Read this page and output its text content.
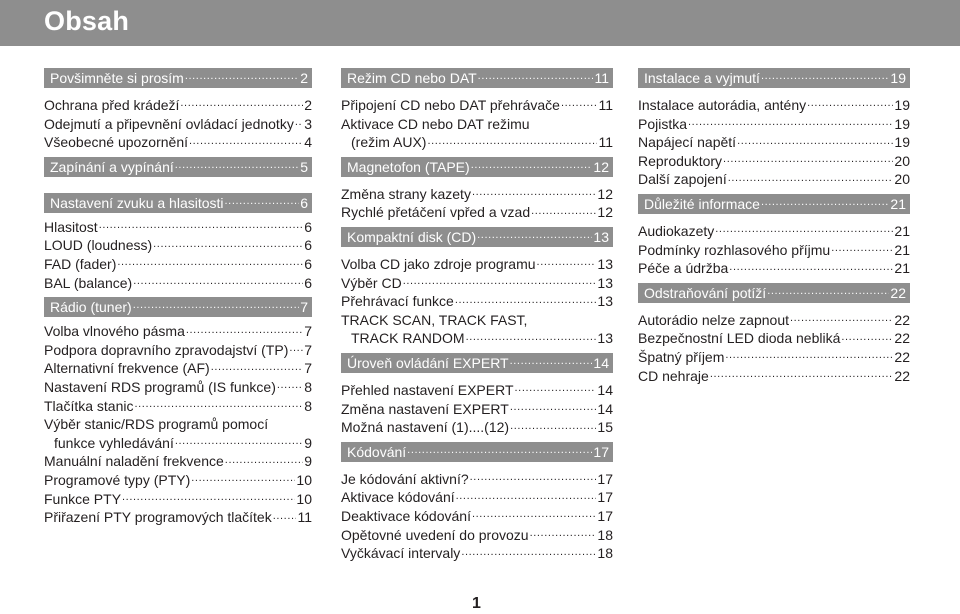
Obsah
Povšimněte si prosím .....	2
Ochrana před krádeží .....	2
Odejmutí a připevnění ovládací jednotky ..... 3
Všeobecné upozornění .....	4
Zapínání a vypínání .....	5
Nastavení zvuku a hlasitosti .....	6
Hlasitost .....	6
LOUD (loudness) .....	6
FAD (fader) .....	6
BAL (balance) .....	6
Rádio (tuner) .....	7
Volba vlnového pásma .....	7
Podpora dopravního zpravodajství (TP) ..... 7
Alternativní frekvence (AF) .....	7
Nastavení RDS programů (IS funkce) ..... 8
Tlačítka stanic .....	8
Výběr stanic/RDS programů pomocí
funkce vyhledávání .....	9
Manuální naladění frekvence .....	9
Programové typy (PTY) .....	10
Funkce PTY .....	10
Přiřazení PTY programových tlačítek ..... 11
Režim CD nebo DAT .....	11
Připojení CD nebo DAT přehrávače .....	11
Aktivace CD nebo DAT režimu
(režim AUX) .....	11
Magnetofon (TAPE) .....	12
Změna strany kazety .....	12
Rychlé přetáčení vpřed a vzad .....	12
Kompaktní disk (CD) .....	13
Volba CD jako zdroje programu .....	13
Výběr CD .....	13
Přehrávací funkce .....	13
TRACK SCAN, TRACK FAST,
TRACK RANDOM .....	13
Úroveň ovládání EXPERT .....	14
Přehled nastavení EXPERT .....	14
Změna nastavení EXPERT .....	14
Možná nastavení (1)....(12) .....	15
Kódování .....	17
Je kódování aktivní? .....	17
Aktivace kódování .....	17
Deaktivace kódování .....	17
Opětovné uvedení do provozu .....	18
Vyčkávací intervaly .....	18
Instalace a vyjmutí .....	19
Instalace autorádia, antény .....	19
Pojistka .....	19
Napájecí napětí .....	19
Reproduktory .....	20
Další zapojení .....	20
Důležité informace .....	21
Audiokazety .....	21
Podmínky rozhlasového příjmu .....	21
Péče a údržba .....	21
Odstraňování potíží .....	22
Autorádio nelze zapnout .....	22
Bezpečnostní LED dioda nebliká .....	22
Špatný příjem .....	22
CD nehraje .....	22
1
